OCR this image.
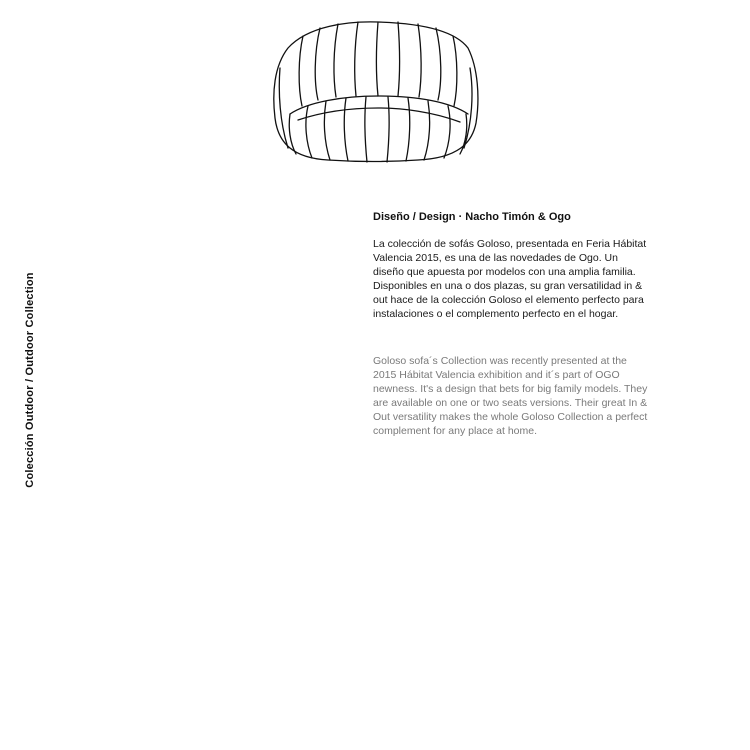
Colección Outdoor / Outdoor Collection
Diseño / Design · Nacho Timón & Ogo

La colección de sofás Goloso, presentada en Feria Hábitat Valencia 2015, es una de las novedades de Ogo. Un diseño que apuesta por modelos con una amplia familia. Disponibles en una o dos plazas, su gran versatilidad in & out hace de la colección Goloso el elemento perfecto para instalaciones o el complemento perfecto en el hogar.

Goloso sofa´s Collection was recently presented at the 2015 Hábitat Valencia exhibition and it´s part of OGO newness. It's a design that bets for big family models. They are available on one or two seats versions. Their great In & Out versatility makes the whole Goloso Collection a perfect complement for any place at home.
